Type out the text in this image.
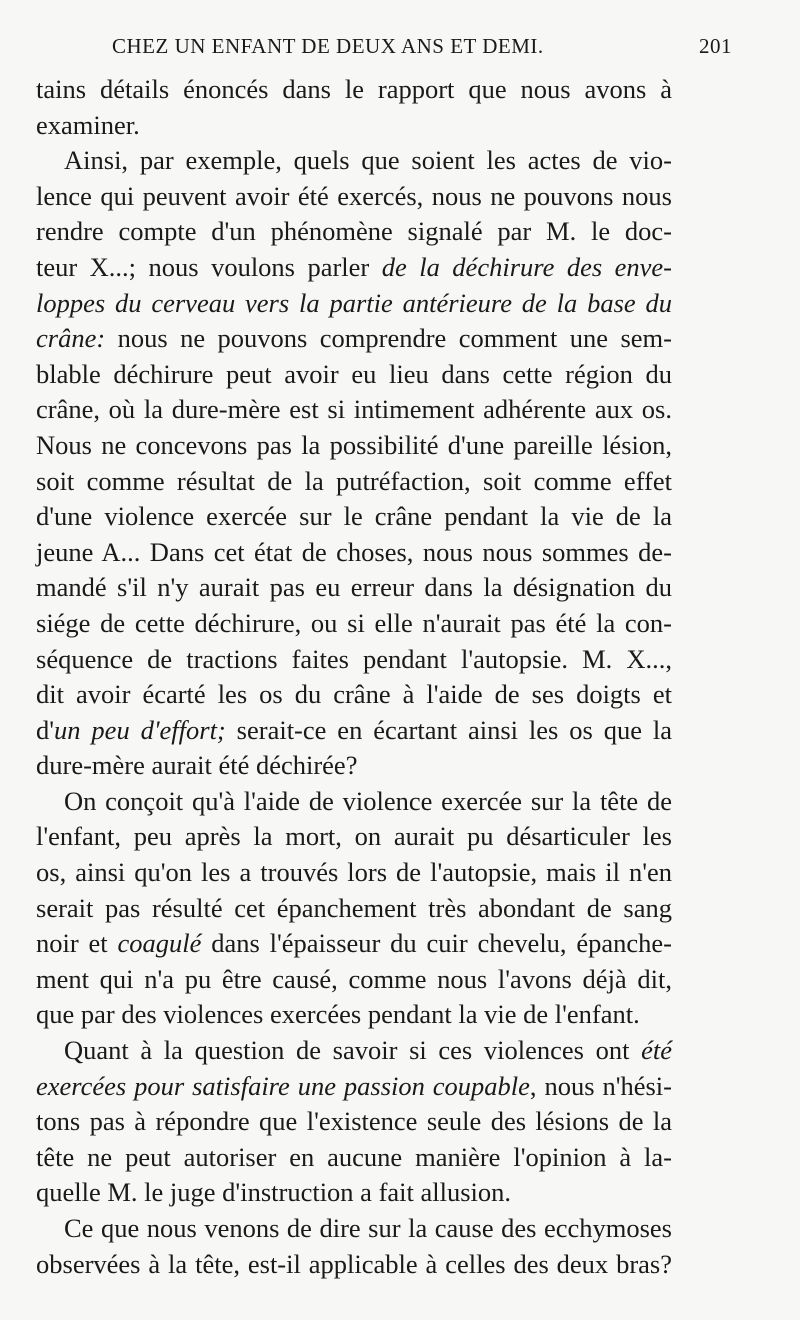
CHEZ UN ENFANT DE DEUX ANS ET DEMI.	201
tains détails énoncés dans le rapport que nous avons à
examiner.
Ainsi, par exemple, quels que soient les actes de vio-
lence qui peuvent avoir été exercés, nous ne pouvons nous
rendre compte d'un phénomène signalé par M. le doc-
teur X...; nous voulons parler de la déchirure des enve-
loppes du cerveau vers la partie antérieure de la base du
crâne: nous ne pouvons comprendre comment une sem-
blable déchirure peut avoir eu lieu dans cette région du
crâne, où la dure-mère est si intimement adhérente aux os.
Nous ne concevons pas la possibilité d'une pareille lésion,
soit comme résultat de la putréfaction, soit comme effet
d'une violence exercée sur le crâne pendant la vie de la
jeune A... Dans cet état de choses, nous nous sommes de-
mandé s'il n'y aurait pas eu erreur dans la désignation du
siége de cette déchirure, ou si elle n'aurait pas été la con-
séquence de tractions faites pendant l'autopsie. M. X...,
dit avoir écarté les os du crâne à l'aide de ses doigts et
d'un peu d'effort; serait-ce en écartant ainsi les os que la
dure-mère aurait été déchirée?
On conçoit qu'à l'aide de violence exercée sur la tête de
l'enfant, peu après la mort, on aurait pu désarticuler les
os, ainsi qu'on les a trouvés lors de l'autopsie, mais il n'en
serait pas résulté cet épanchement très abondant de sang
noir et coagulé dans l'épaisseur du cuir chevelu, épanche-
ment qui n'a pu être causé, comme nous l'avons déjà dit,
que par des violences exercées pendant la vie de l'enfant.
Quant à la question de savoir si ces violences ont été
exercées pour satisfaire une passion coupable, nous n'hési-
tons pas à répondre que l'existence seule des lésions de la
tête ne peut autoriser en aucune manière l'opinion à la-
quelle M. le juge d'instruction a fait allusion.
Ce que nous venons de dire sur la cause des ecchymoses
observées à la tête, est-il applicable à celles des deux bras?
